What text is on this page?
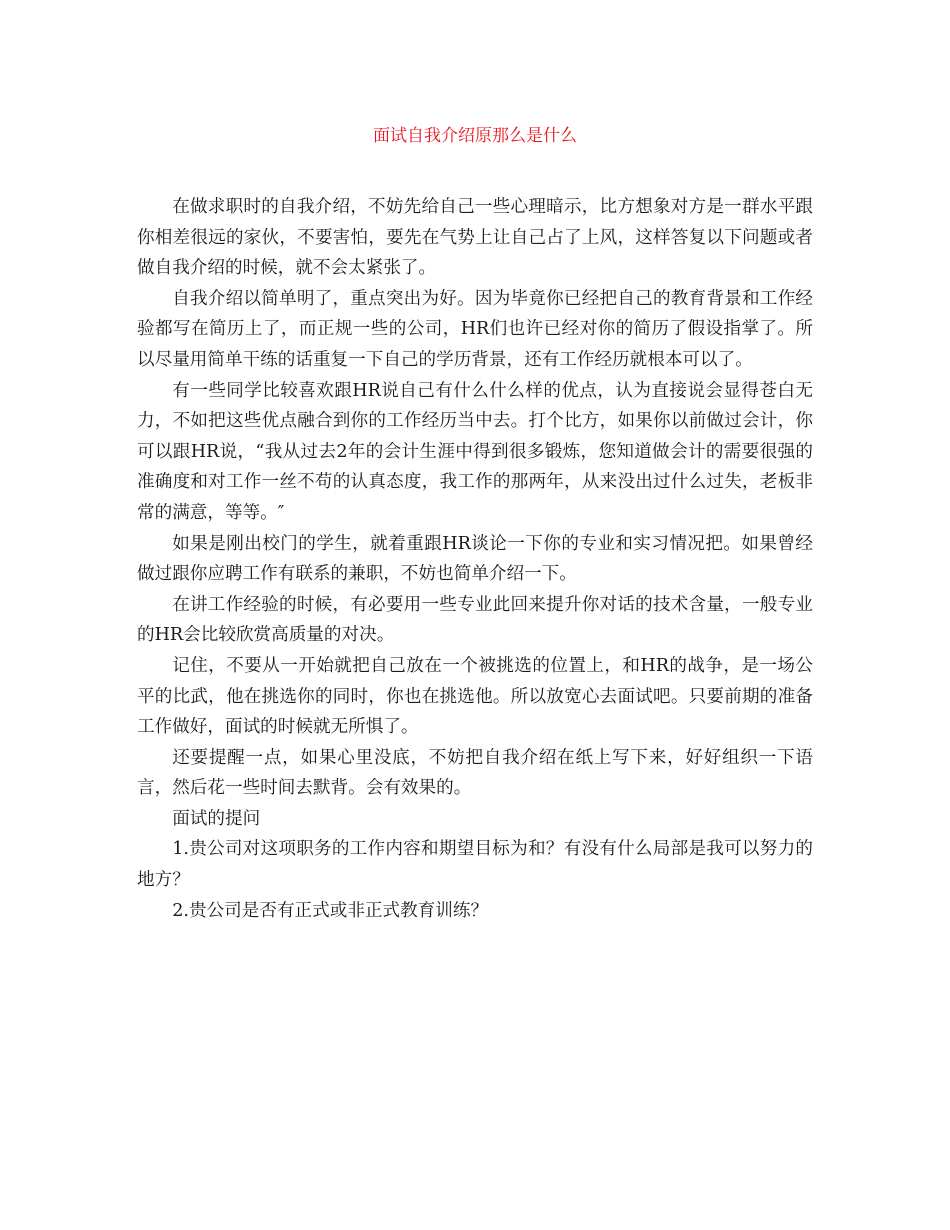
面试自我介绍原那么是什么

在做求职时的自我介绍，不妨先给自己一些心理暗示，比方想象对方是一群水平跟你相差很远的家伙，不要害怕，要先在气势上让自己占了上风，这样答复以下问题或者做自我介绍的时候，就不会太紧张了。

自我介绍以简单明了，重点突出为好。因为毕竟你已经把自己的教育背景和工作经验都写在简历上了，而正规一些的公司，HR们也许已经对你的简历了假设指掌了。所以尽量用简单干练的话重复一下自己的学历背景，还有工作经历就根本可以了。

有一些同学比较喜欢跟HR说自己有什么什么样的优点，认为直接说会显得苍白无力，不如把这些优点融合到你的工作经历当中去。打个比方，如果你以前做过会计，你可以跟HR说，“我从过去2年的会计生涯中得到很多锻炼，您知道做会计的需要很强的准确度和对工作一丝不苟的认真态度，我工作的那两年，从来没出过什么过失，老板非常的满意，等等。″

如果是刚出校门的学生，就着重跟HR谈论一下你的专业和实习情况把。如果曾经做过跟你应聘工作有联系的兼职，不妨也简单介绍一下。

在讲工作经验的时候，有必要用一些专业此回来提升你对话的技术含量，一般专业的HR会比较欣赏高质量的对决。

记住，不要从一开始就把自己放在一个被挑选的位置上，和HR的战争，是一场公平的比武，他在挑选你的同时，你也在挑选他。所以放宽心去面试吧。只要前期的准备工作做好，面试的时候就无所惧了。

还要提醒一点，如果心里没底，不妨把自我介绍在纸上写下来，好好组织一下语言，然后花一些时间去默背。会有效果的。

面试的提问

1.贵公司对这项职务的工作内容和期望目标为和？有没有什么局部是我可以努力的地方？

2.贵公司是否有正式或非正式教育训练？
